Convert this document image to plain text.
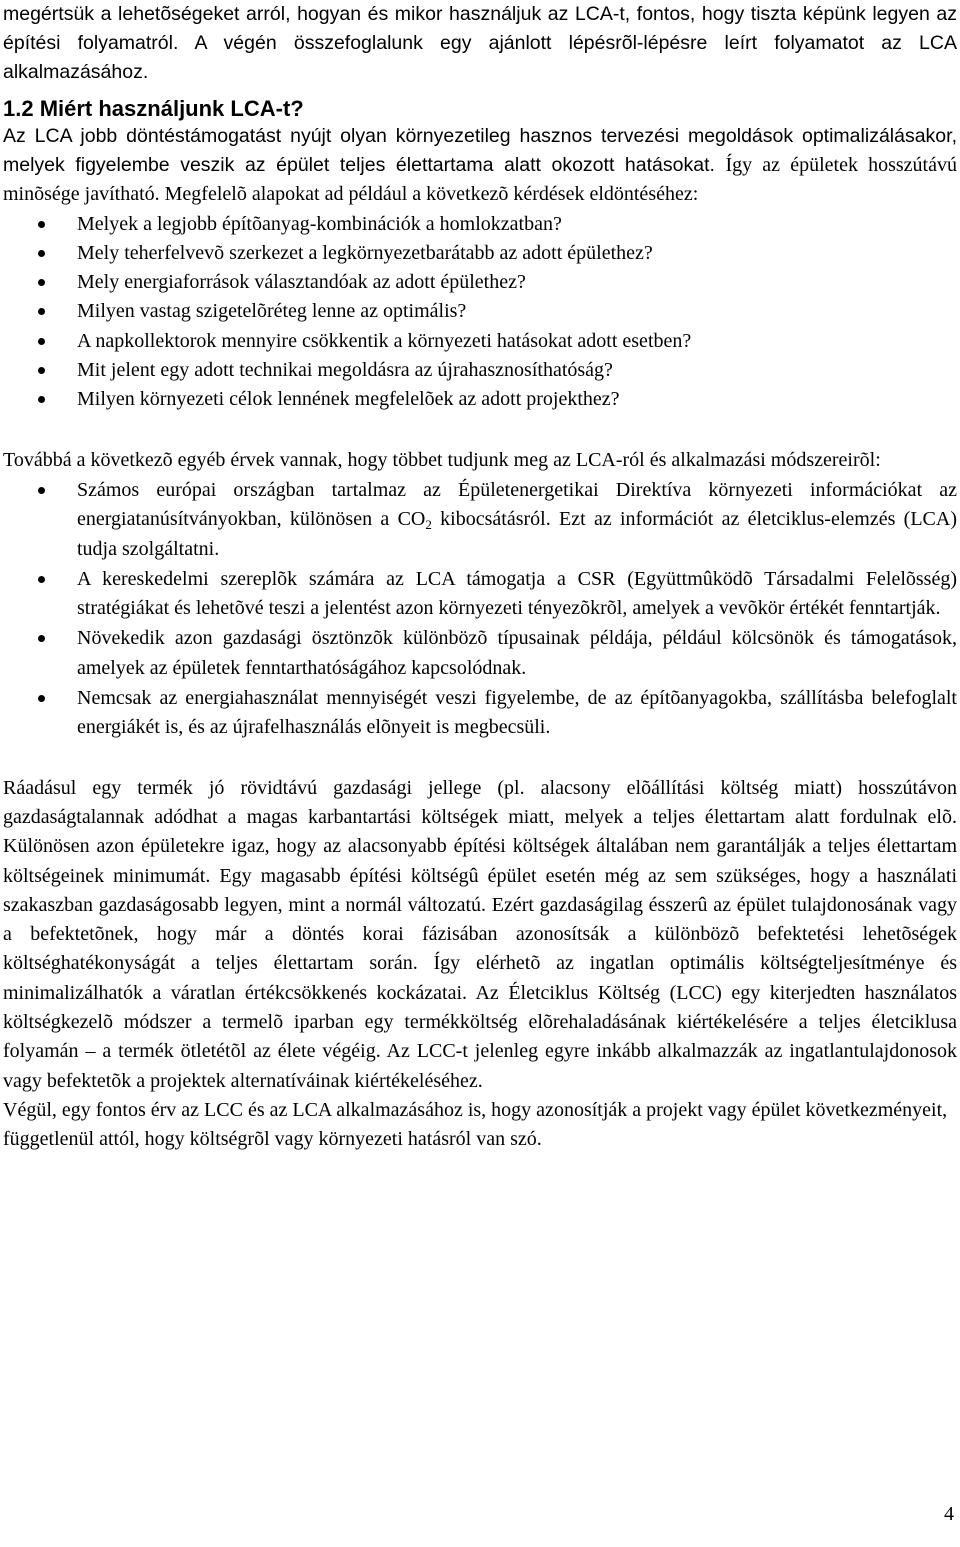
megértsük a lehetõségeket arról, hogyan és mikor használjuk az LCA-t, fontos, hogy tiszta képünk legyen az építési folyamatról. A végén összefoglalunk egy ajánlott lépésrõl-lépésre leírt folyamatot az LCA alkalmazásához.

1.2 Miért használjunk LCA-t?

Az LCA jobb döntéstámogatást nyújt olyan környezetileg hasznos tervezési megoldások optimalizálásakor, melyek figyelembe veszik az épület teljes élettartama alatt okozott hatásokat. Így az épületek hosszútávú minõsége javítható. Megfelelõ alapokat ad például a következõ kérdések eldöntéséhez:

Melyek a legjobb építõanyag-kombinációk a homlokzatban?
Mely teherfelvevõ szerkezet a legkörnyezetbarátabb az adott épülethez?
Mely energiaforrások választandóak az adott épülethez?
Milyen vastag szigetelõréteg lenne az optimális?
A napkollektorok mennyire csökkentik a környezeti hatásokat adott esetben?
Mit jelent egy adott technikai megoldásra az újrahasznosíthatóság?
Milyen környezeti célok lennének megfelelõek az adott projekthez?

Továbbá a következõ egyéb érvek vannak, hogy többet tudjunk meg az LCA-ról és alkalmazási módszereirõl:

Számos európai országban tartalmaz az Épületenergetikai Direktíva környezeti információkat az energiatanúsítványokban, különösen a $CO_2$ kibocsátásról. Ezt az információt az életciklus-elemzés (LCA) tudja szolgáltatni.
A kereskedelmi szereplõk számára az LCA támogatja a CSR (Együttmûködõ Társadalmi Felelõsség) stratégiákat és lehetõvé teszi a jelentést azon környezeti tényezõkrõl, amelyek a vevõkör értékét fenntartják.
Növekedik azon gazdasági ösztönzõk különbözõ típusainak példája, például kölcsönök és támogatások, amelyek az épületek fenntarthatóságához kapcsolódnak.
Nemcsak az energiahasználat mennyiségét veszi figyelembe, de az építõanyagokba, szállításba belefoglalt energiákét is, és az újrafelhasználás elõnyeit is megbecsüli.

Ráadásul egy termék jó rövidtávú gazdasági jellege (pl. alacsony elõállítási költség miatt) hosszútávon gazdaságtalannak adódhat a magas karbantartási költségek miatt, melyek a teljes élettartam alatt fordulnak elõ. Különösen azon épületekre igaz, hogy az alacsonyabb építési költségek általában nem garantálják a teljes élettartam költségeinek minimumát. Egy magasabb építési költségû épület esetén még az sem szükséges, hogy a használati szakaszban gazdaságosabb legyen, mint a normál változatú. Ezért gazdaságilag ésszerû az épület tulajdonosának vagy a befektetõnek, hogy már a döntés korai fázisában azonosítsák a különbözõ befektetési lehetõségek költséghatékonyságát a teljes élettartam során. Így elérhetõ az ingatlan optimális költségteljesítménye és minimalizálhatók a váratlan értékcsökkenés kockázatai. Az Életciklus Költség (LCC) egy kiterjedten használatos költségkezelõ módszer a termelõ iparban egy termékköltség elõrehaladásának kiértékelésére a teljes életciklusa folyamán – a termék ötletétõl az élete végéig. Az LCC-t jelenleg egyre inkább alkalmazzák az ingatlantulajdonosok vagy befektetõk a projektek alternatíváinak kiértékeléséhez.

Végül, egy fontos érv az LCC és az LCA alkalmazásához is, hogy azonosítják a projekt vagy épület következményeit, függetlenül attól, hogy költségrõl vagy környezeti hatásról van szó.

4
